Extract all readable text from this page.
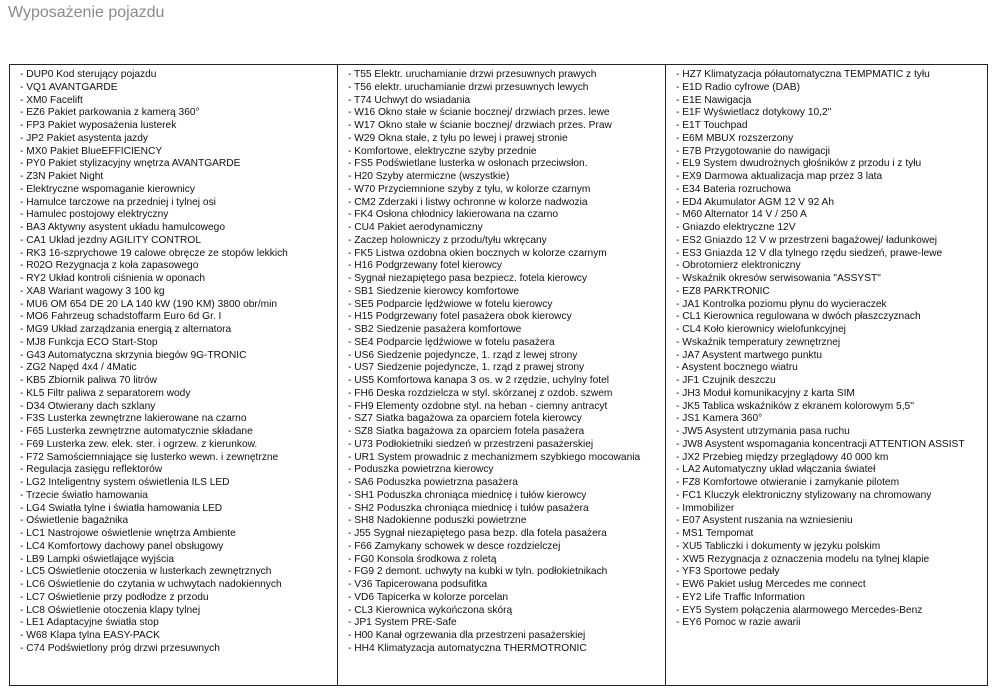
Wyposażenie pojazdu
- DUP0 Kod sterujący pojazdu
- VQ1 AVANTGARDE
- XM0 Facelift
- EZ6 Pakiet parkowania z kamerą 360°
- FP3 Pakiet wyposażenia lusterek
- JP2 Pakiet asystenta jazdy
- MX0 Pakiet BlueEFFICIENCY
- PY0 Pakiet stylizacyjny wnętrza AVANTGARDE
- Z3N Pakiet Night
- Elektryczne wspomaganie kierownicy
- Hamulce tarczowe na przedniej i tylnej osi
- Hamulec postojowy elektryczny
- BA3 Aktywny asystent układu hamulcowego
- CA1 Układ jezdny AGILITY CONTROL
- RK3 16-szprychowe 19 calowe obręcze ze stopów lekkich
- R02O Rezygnacja z koła zapasowego
- RY2 Układ kontroli ciśnienia w oponach
- XA8 Wariant wagowy 3 100 kg
- MU6 OM 654 DE 20 LA 140 kW (190 KM) 3800 obr/min
- MO6 Fahrzeug schadstoffarm Euro 6d Gr. I
- MG9 Układ zarządzania energią z alternatora
- MJ8 Funkcja ECO Start-Stop
- G43 Automatyczna skrzynia biegów 9G-TRONIC
- ZG2 Napęd 4x4 / 4Matic
- KB5 Zbiornik paliwa 70 litrów
- KL5 Filtr paliwa z separatorem wody
- D34 Otwierany dach szklany
- F3S Lusterka zewnętrzne lakierowane na czarno
- F65 Lusterka zewnętrzne automatycznie składane
- F69 Lusterka zew. elek. ster. i ogrzew. z kierunkow.
- F72 Samościemniające się lusterko wewn. i zewnętrzne
- Regulacja zasięgu reflektorów
- LG2 Inteligentny system oświetlenia ILS LED
- Trzecie światło hamowania
- LG4 Światła tylne i światła hamowania LED
- Oświetlenie bagażnika
- LC1 Nastrojowe oświetlenie wnętrza Ambiente
- LC4 Komfortowy dachowy panel obsługowy
- LB9 Lampki oświetlające wyjścia
- LC5 Oświetlenie otoczenia w lusterkach zewnętrznych
- LC6 Oświetlenie do czytania w uchwytach nadokiennych
- LC7 Oświetlenie przy podłodze z przodu
- LC8 Oświetlenie otoczenia klapy tylnej
- LE1 Adaptacyjne światła stop
- W68 Klapa tylna EASY-PACK
- C74 Podświetlony próg drzwi przesuwnych
- T55 Elektr. uruchamianie drzwi przesuwnych prawych
- T56 elektr. uruchamianie drzwi przesuwnych lewych
- T74 Uchwyt do wsiadania
- W16 Okno stałe w ścianie bocznej/ drzwiach przes. lewe
- W17 Okno stałe w ścianie bocznej/ drzwiach przes. Praw
- W29 Okna stałe, z tyłu po lewej i prawej stronie
- Komfortowe, elektryczne szyby przednie
- FS5 Podświetlane lusterka w osłonach przeciwsłon.
- H20 Szyby atermiczne (wszystkie)
- W70 Przyciemnione szyby z tyłu, w kolorze czarnym
- CM2 Zderzaki i listwy ochronne w kolorze nadwozia
- FK4 Osłona chłodnicy lakierowana na czarno
- CU4 Pakiet aerodynamiczny
- Zaczep holowniczy z przodu/tyłu wkręcany
- FK5 Listwa ozdobna okien bocznych w kolorze czarnym
- H16 Podgrzewany fotel kierowcy
- Sygnał niezapiętego pasa bezpiecz. fotela kierowcy
- SB1 Siedzenie kierowcy komfortowe
- SE5 Podparcie lędźwiowe w fotelu kierowcy
- H15 Podgrzewany fotel pasażera obok kierowcy
- SB2 Siedzenie pasażera komfortowe
- SE4 Podparcie lędźwiowe w fotelu pasażera
- US6 Siedzenie pojedyncze, 1. rząd z lewej strony
- US7 Siedzenie pojedyncze, 1. rząd z prawej strony
- US5 Komfortowa kanapa 3 os. w 2 rzędzie, uchylny fotel
- FH6 Deska rozdzielcza w styl. skórzanej z ozdob. szwem
- FH9 Elementy ozdobne styl. na heban - ciemny antracyt
- SZ7 Siatka bagażowa za oparciem fotela kierowcy
- SZ8 Siatka bagażowa za oparciem fotela pasażera
- U73 Podłokietniki siedzeń w przestrzeni pasażerskiej
- UR1 System prowadnic z mechanizmem szybkiego mocowania
- Poduszka powietrzna kierowcy
- SA6 Poduszka powietrzna pasażera
- SH1 Poduszka chroniąca miednicę i tułów kierowcy
- SH2 Poduszka chroniąca miednicę i tułów pasażera
- SH8 Nadokienne poduszki powietrzne
- J55 Sygnał niezapiętego pasa bezp. dla fotela pasażera
- F66 Zamykany schowek w desce rozdzielczej
- FG0 Konsola środkowa z roletą
- FG9 2 demont. uchwyty na kubki w tyln. podłokietnikach
- V36 Tapicerowana podsufitka
- VD6 Tapicerka w kolorze porcelan
- CL3 Kierownica wykończona skórą
- JP1 System PRE-Safe
- H00 Kanał ogrzewania dla przestrzeni pasażerskiej
- HH4 Klimatyzacja automatyczna THERMOTRONIC
- HZ7 Klimatyzacja półautomatyczna TEMPMATIC z tyłu
- E1D Radio cyfrowe (DAB)
- E1E Nawigacja
- E1F Wyświetlacz dotykowy 10,2''
- E1T Touchpad
- E6M MBUX rozszerzony
- E7B Przygotowanie do nawigacji
- EL9 System dwudrożnych głośników z przodu i z tyłu
- EX9 Darmowa aktualizacja map przez 3 lata
- E34 Bateria rozruchowa
- ED4 Akumulator AGM 12 V 92 Ah
- M60 Alternator 14 V / 250 A
- Gniazdo elektryczne 12V
- ES2 Gniazdo 12 V w przestrzeni bagażowej/ ładunkowej
- ES3 Gniazda 12 V dla tylnego rzędu siedzeń, prawe-lewe
- Obrotomierz elektroniczny
- Wskaźnik okresów serwisowania "ASSYST"
- EZ8 PARKTRONIC
- JA1 Kontrolka poziomu płynu do wycieraczek
- CL1 Kierownica regulowana w dwóch płaszczyznach
- CL4 Koło kierownicy wielofunkcyjnej
- Wskaźnik temperatury zewnętrznej
- JA7 Asystent martwego punktu
- Asystent bocznego wiatru
- JF1 Czujnik deszczu
- JH3 Moduł komunikacyjny z karta SIM
- JK5 Tablica wskaźników z ekranem kolorowym 5,5''
- JS1 Kamera 360°
- JW5 Asystent utrzymania pasa ruchu
- JW8 Asystent wspomagania koncentracji ATTENTION ASSIST
- JX2 Przebieg między przeglądowy 40 000 km
- LA2 Automatyczny układ włączania świateł
- FZ8 Komfortowe otwieranie i zamykanie pilotem
- FC1 Kluczyk elektroniczny stylizowany na chromowany
- Immobilizer
- E07 Asystent ruszania na wzniesieniu
- MS1 Tempomat
- XU5 Tabliczki i dokumenty w języku polskim
- XW5 Rezygnacja z oznaczenia modelu na tylnej klapie
- YF3 Sportowe pedały
- EW6 Pakiet usług Mercedes me connect
- EY2 Life Traffic Information
- EY5 System połączenia alarmowego Mercedes-Benz
- EY6 Pomoc w razie awarii
